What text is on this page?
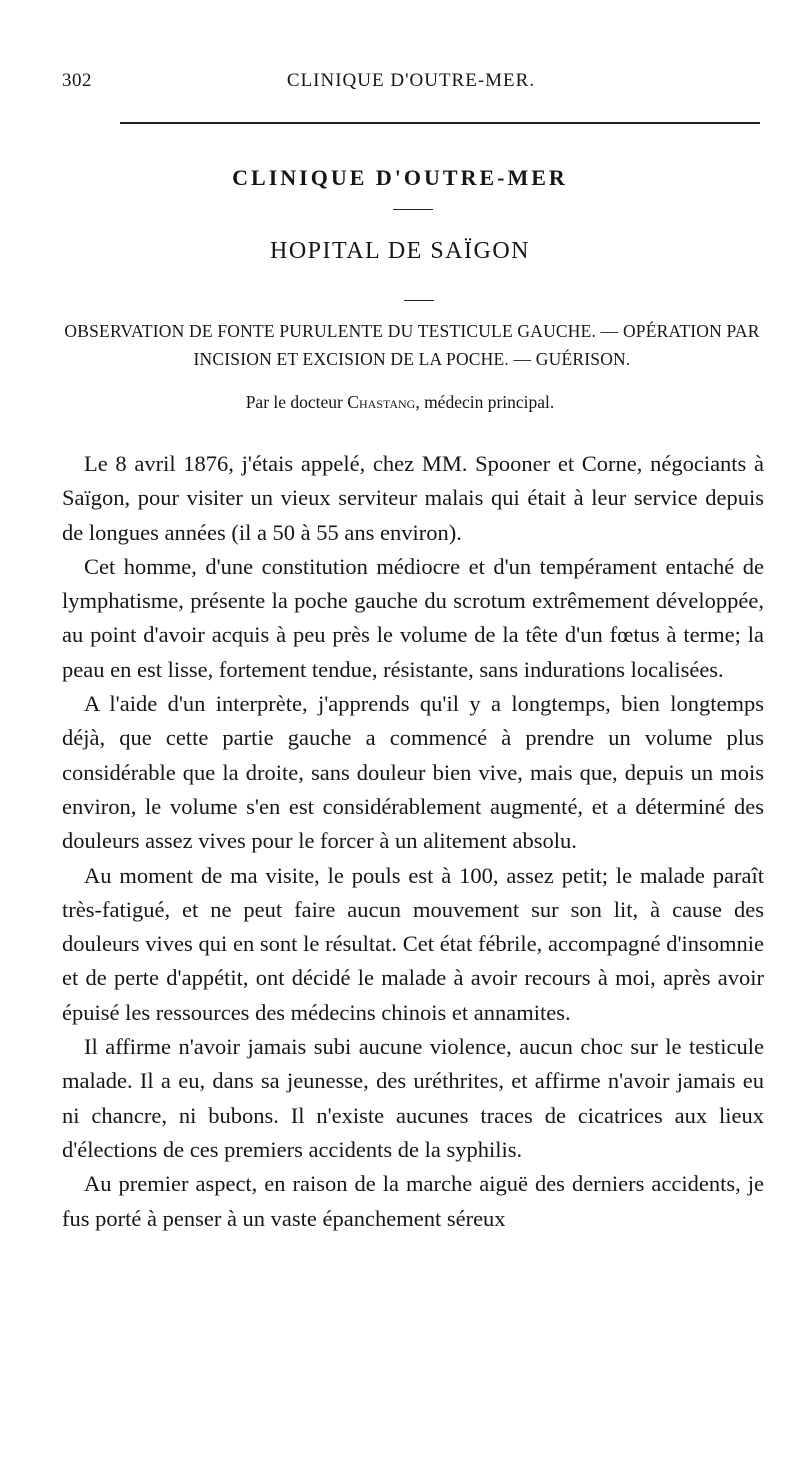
302	CLINIQUE D'OUTRE-MER.
CLINIQUE D'OUTRE-MER
HOPITAL DE SAÏGON
OBSERVATION DE FONTE PURULENTE DU TESTICULE GAUCHE. — OPÉRATION PAR INCISION ET EXCISION DE LA POCHE. — GUÉRISON.
Par le docteur Chastang, médecin principal.

Le 8 avril 1876, j'étais appelé, chez MM. Spooner et Corne, négociants à Saïgon, pour visiter un vieux serviteur malais qui était à leur service depuis de longues années (il a 50 à 55 ans environ).

Cet homme, d'une constitution médiocre et d'un tempérament entaché de lymphatisme, présente la poche gauche du scrotum extrêmement développée, au point d'avoir acquis à peu près le volume de la tête d'un fœtus à terme; la peau en est lisse, fortement tendue, résistante, sans indurations localisées.

A l'aide d'un interprète, j'apprends qu'il y a longtemps, bien longtemps déjà, que cette partie gauche a commencé à prendre un volume plus considérable que la droite, sans douleur bien vive, mais que, depuis un mois environ, le volume s'en est considérablement augmenté, et a déterminé des douleurs assez vives pour le forcer à un alitement absolu.

Au moment de ma visite, le pouls est à 100, assez petit; le malade paraît très-fatigué, et ne peut faire aucun mouvement sur son lit, à cause des douleurs vives qui en sont le résultat. Cet état fébrile, accompagné d'insomnie et de perte d'appétit, ont décidé le malade à avoir recours à moi, après avoir épuisé les ressources des médecins chinois et annamites.

Il affirme n'avoir jamais subi aucune violence, aucun choc sur le testicule malade. Il a eu, dans sa jeunesse, des uréthrites, et affirme n'avoir jamais eu ni chancre, ni bubons. Il n'existe aucunes traces de cicatrices aux lieux d'élections de ces premiers accidents de la syphilis.

Au premier aspect, en raison de la marche aiguë des derniers accidents, je fus porté à penser à un vaste épanchement séreux
